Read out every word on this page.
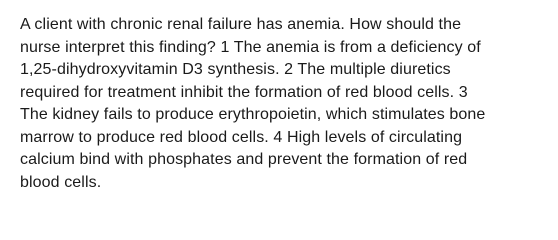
A client with chronic renal failure has anemia. How should the
nurse interpret this finding? 1 The anemia is from a deficiency of
1,25-dihydroxyvitamin D3 synthesis. 2 The multiple diuretics
required for treatment inhibit the formation of red blood cells. 3
The kidney fails to produce erythropoietin, which stimulates bone
marrow to produce red blood cells. 4 High levels of circulating
calcium bind with phosphates and prevent the formation of red
blood cells.
